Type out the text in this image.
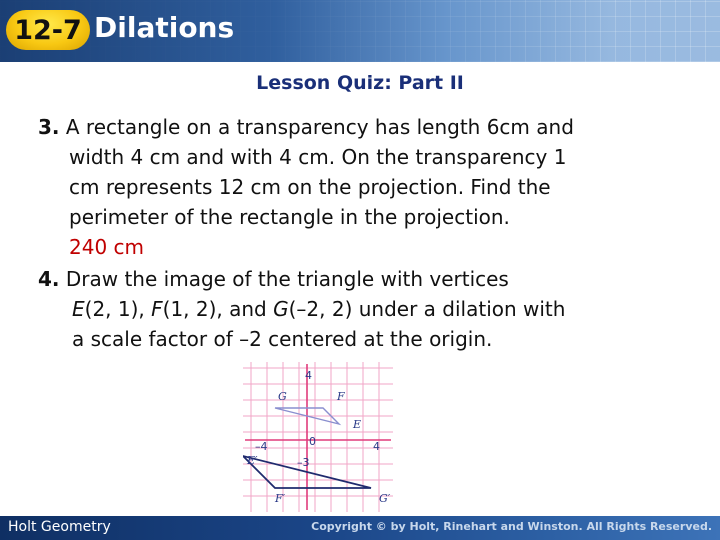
12-7 Dilations
Lesson Quiz: Part II
3. A rectangle on a transparency has length 6cm and
width 4 cm and with 4 cm. On the transparency 1
cm represents 12 cm on the projection. Find the
perimeter of the rectangle in the projection.
240 cm
4. Draw the image of the triangle with vertices
E(2, 1), F(1, 2), and G(–2, 2) under a dilation with
a scale factor of –2 centered at the origin.
4
–4	0	4
–3
G	F
E
E′
F′	G′
Holt Geometry	Copyright © by Holt, Rinehart and Winston. All Rights Reserved.
